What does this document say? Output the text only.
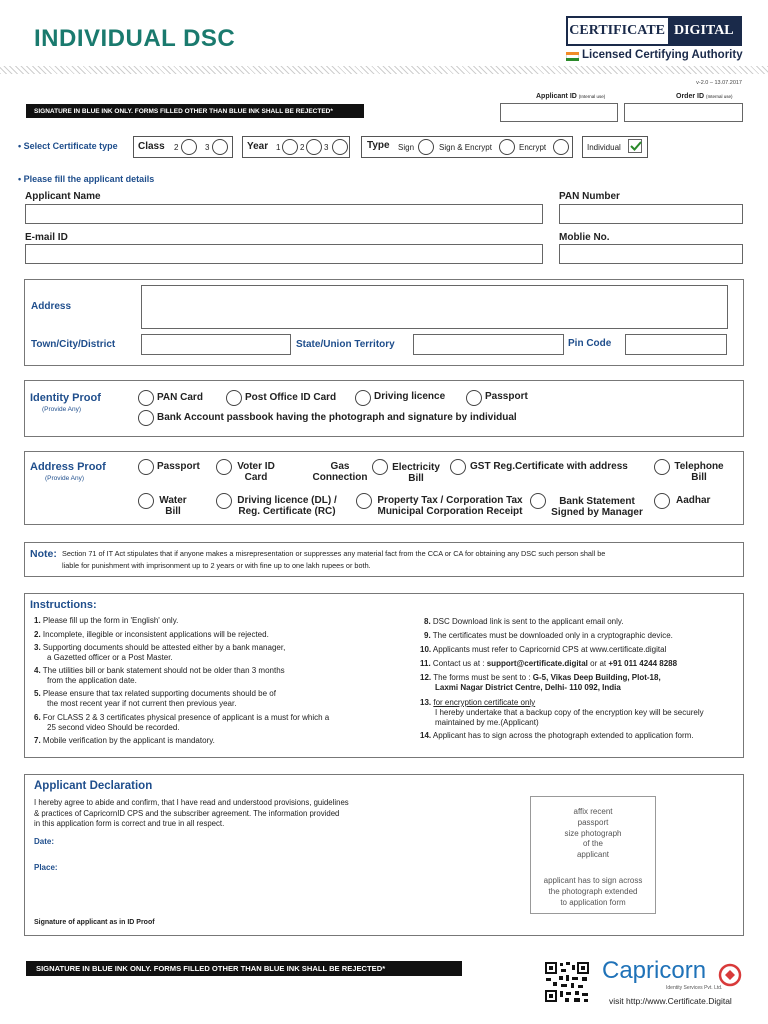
INDIVIDUAL DSC	CERTIFICATE DIGITAL
Licensed Certifying Authority
v-2.0 – 13.07.2017
SIGNATURE IN BLUE INK ONLY. FORMS FILLED OTHER THAN BLUE INK SHALL BE REJECTED*
Applicant ID (Internal use)	Order ID (Internal use)
• Select Certificate type Class 2	3	Year 1 2 3	Type Sign	Sign & Encrypt	Encrypt	Individual
• Please fill the applicant details
Applicant Name	PAN Number
E-mail ID	Moblie No.
Address
Town/City/District	State/Union Territory	Pin Code
Identity Proof
(Provide Any)
PAN Card	Post Office ID Card	Driving licence	Passport
Bank Account passbook having the photograph and signature by individual
Address Proof
(Provide Any)
Passport	Voter ID
Card
Gas
Connection
Electricity
Bill
GST Reg.Certificate with address	Telephone
Bill
Water
Bill
Driving licence (DL) /
Reg. Certificate (RC)
Property Tax / Corporation Tax
Municipal Corporation Receipt
Bank Statement
Signed by Manager
Aadhar
Note: Section 71 of IT Act stipulates that if anyone makes a misrepresentation or suppresses any material fact from the CCA or CA for obtaining any DSC such person shall be
liable for punishment with imprisonment up to 2 years or with fine up to one lakh rupees or both.
Instructions:
1. Please fill up the form in 'English' only.
2. Incomplete, illegible or inconsistent applications will be rejected.
3. Supporting documents should be attested either by a bank manager,
a Gazetted officer or a Post Master.
4. The utilities bill or bank statement should not be older than 3 months
from the application date.
5. Please ensure that tax related supporting documents should be of
the most recent year if not current then previous year.
6. For CLASS 2 & 3 certificates physical presence of applicant is a must for which a
25 second video Should be recorded.
7. Mobile verification by the applicant is mandatory.
8. DSC Download link is sent to the applicant email only.
9. The certificates must be downloaded only in a cryptographic device.
10. Applicants must refer to Capricornid CPS at www.certificate.digital
11. Contact us at : support@certificate.digital or at +91 011 4244 8288
12. The forms must be sent to : G-5, Vikas Deep Building, Plot-18,
Laxmi Nagar District Centre, Delhi- 110 092, India
13. for encryption certificate only
I hereby undertake that a backup copy of the encryption key will be securely
maintained by me.(Applicant)
14. Applicant has to sign across the photograph extended to application form.
Applicant Declaration
I hereby agree to abide and confirm, that I have read and understood provisions, guidelines
& practices of CapricornID CPS and the subscriber agreement. The information provided
in this application form is correct and true in all respect.
Date:
Place:
Signature of applicant as in ID Proof
affix recent
passport
size photograph
of the
applicant
applicant has to sign across
the photograph extended
to application form
SIGNATURE IN BLUE INK ONLY. FORMS FILLED OTHER THAN BLUE INK SHALL BE REJECTED*	Capricorn
Identity Services Pvt. Ltd.
visit http://www.Certificate.Digital
